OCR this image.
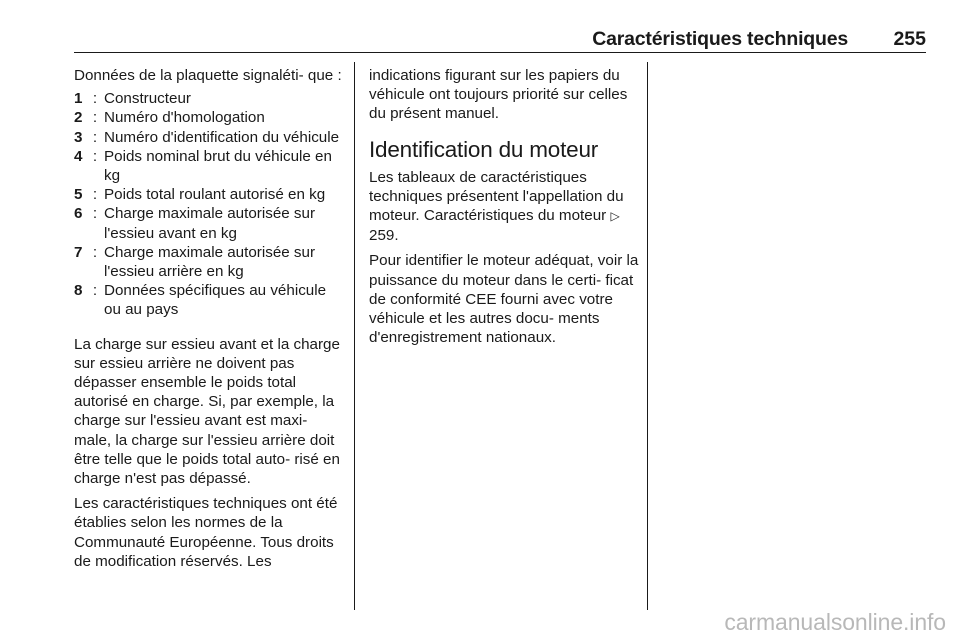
Caractéristiques techniques 255

Données de la plaquette signaléti- que :

1 : Constructeur
2 : Numéro d'homologation
3 : Numéro d'identification du véhicule
4 : Poids nominal brut du véhicule en kg
5 : Poids total roulant autorisé en kg
6 : Charge maximale autorisée sur l'essieu avant en kg
7 : Charge maximale autorisée sur l'essieu arrière en kg
8 : Données spécifiques au véhicule ou au pays

La charge sur essieu avant et la charge sur essieu arrière ne doivent pas dépasser ensemble le poids total autorisé en charge. Si, par exemple, la charge sur l'essieu avant est maxi- male, la charge sur l'essieu arrière doit être telle que le poids total auto- risé en charge n'est pas dépassé.

Les caractéristiques techniques ont été établies selon les normes de la Communauté Européenne. Tous droits de modification réservés. Les

indications figurant sur les papiers du véhicule ont toujours priorité sur celles du présent manuel.

Identification du moteur

Les tableaux de caractéristiques techniques présentent l'appellation du moteur. Caractéristiques du moteur ▷ 259.

Pour identifier le moteur adéquat, voir la puissance du moteur dans le certi- ficat de conformité CEE fourni avec votre véhicule et les autres docu- ments d'enregistrement nationaux.

carmanualsonline.info
